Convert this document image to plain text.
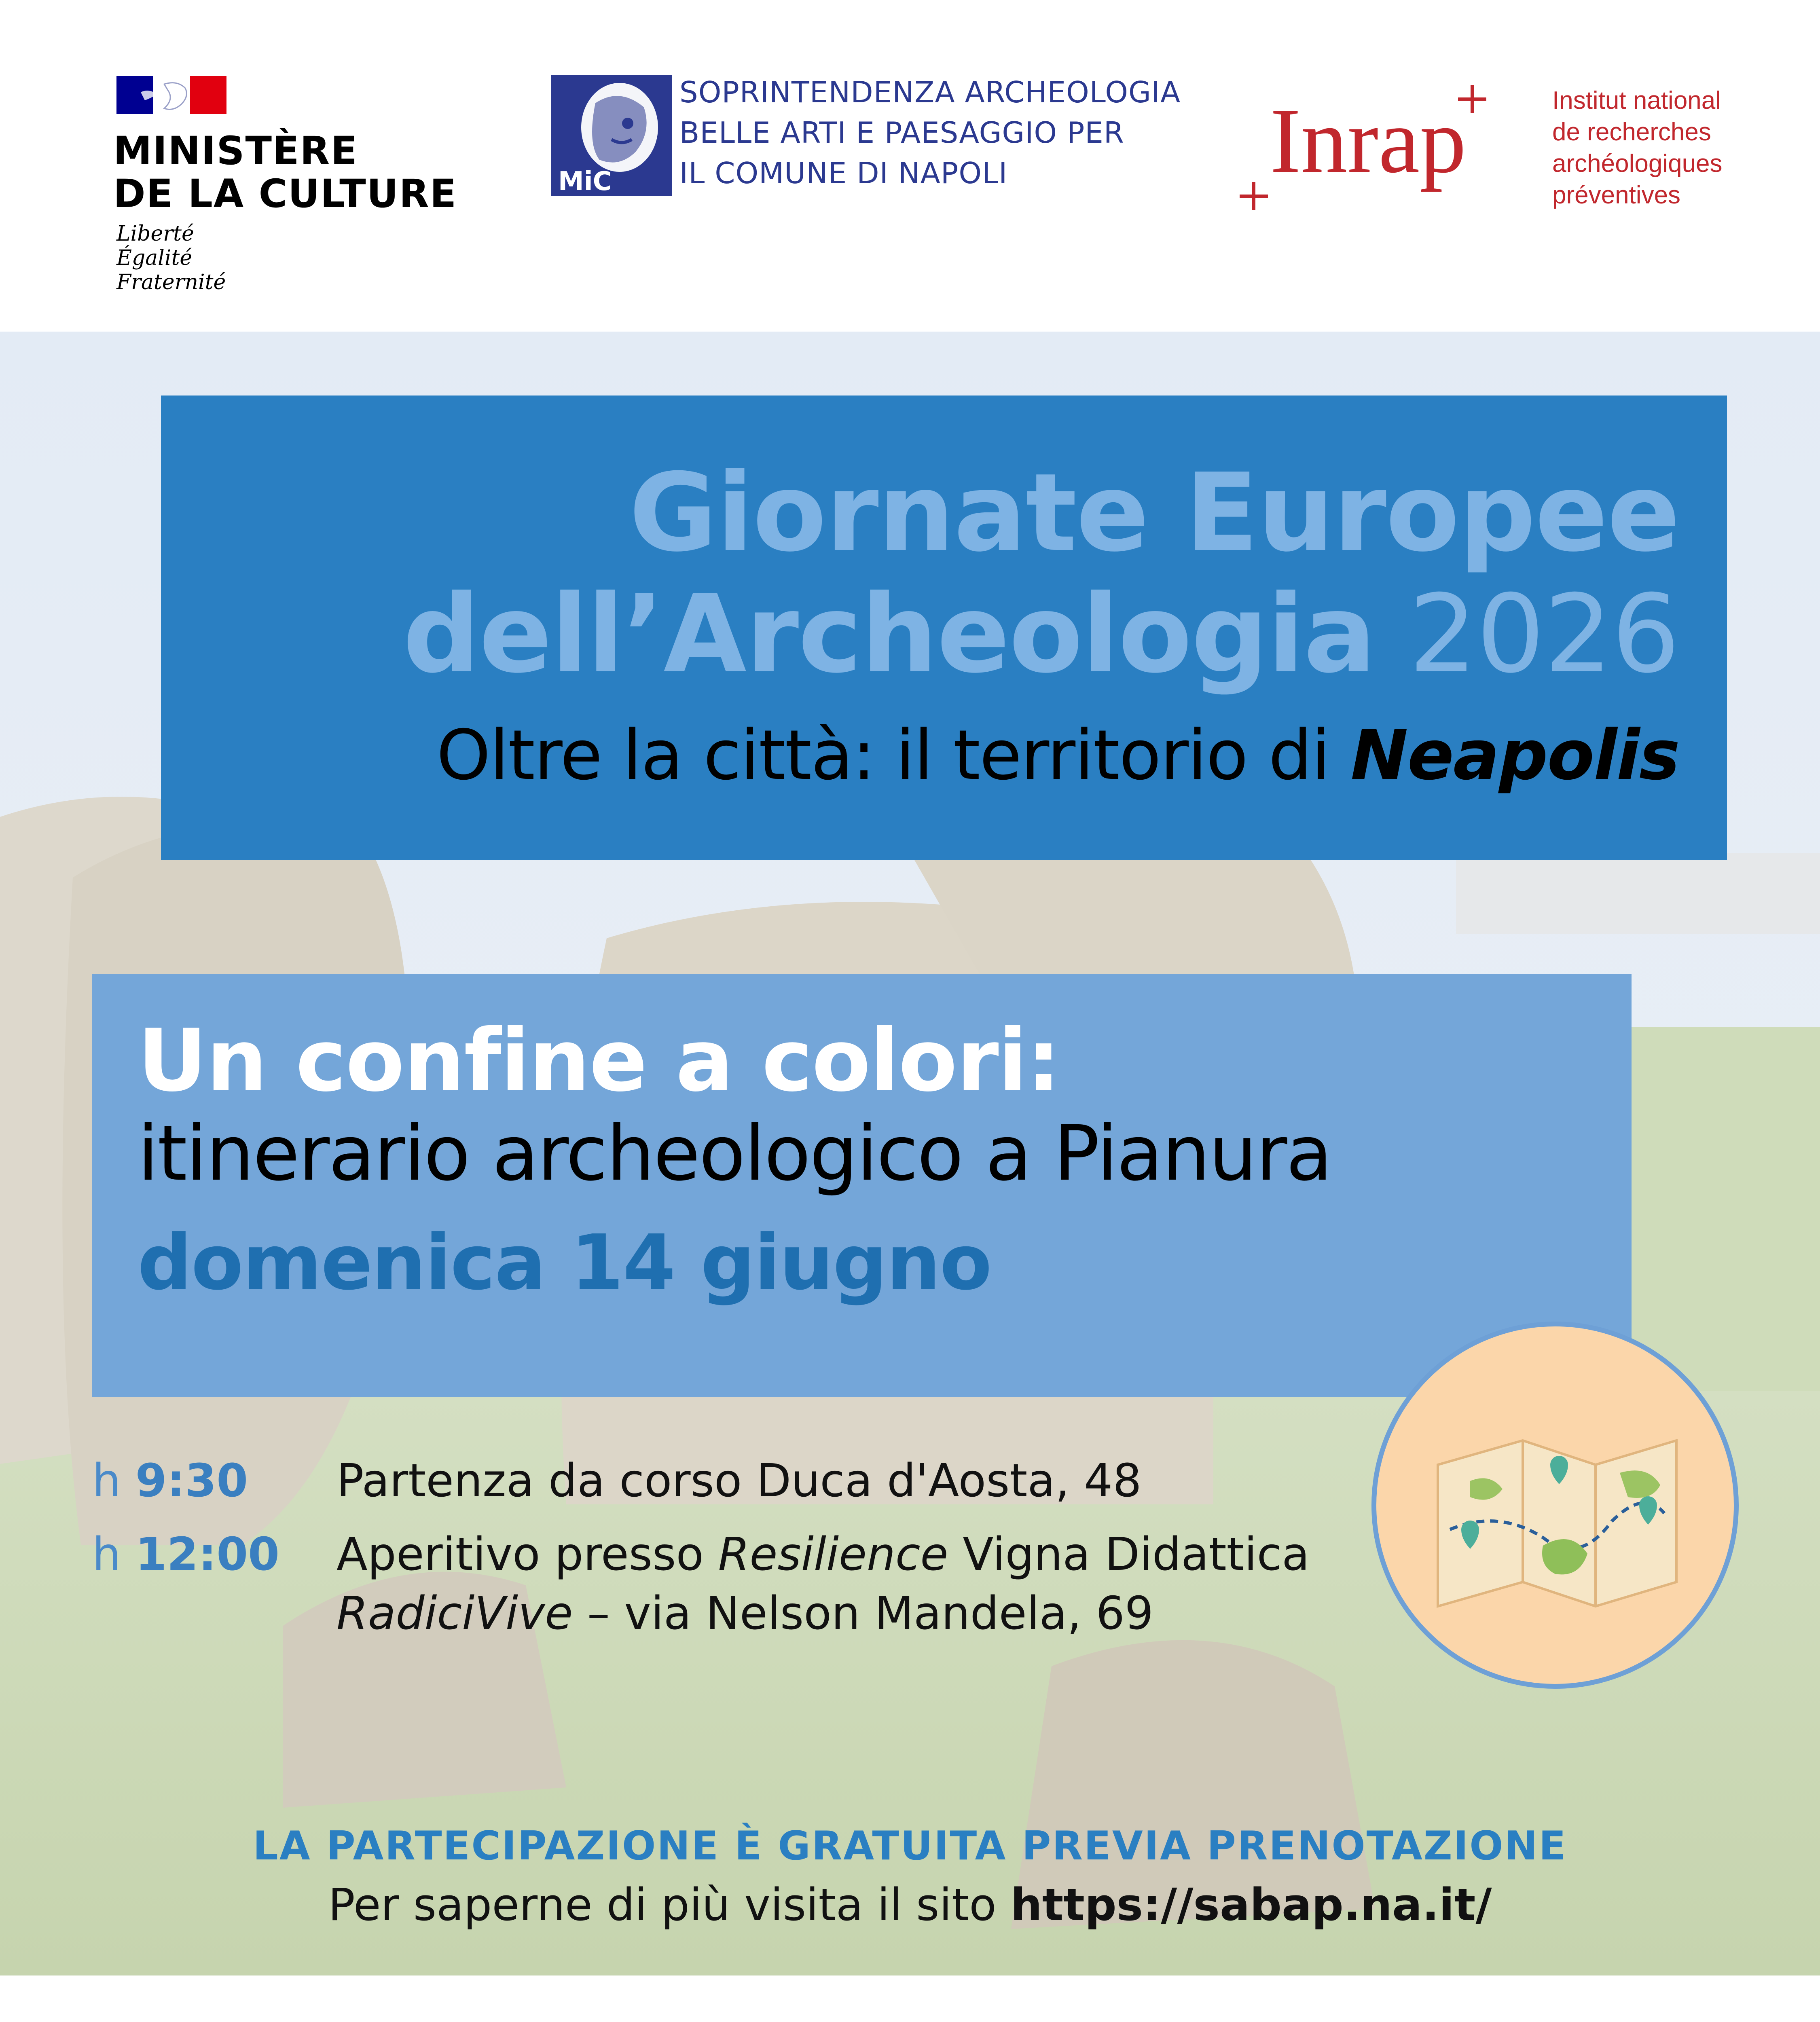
MINISTÈRE
DE LA CULTURE
Liberté
Égalité
Fraternité
MiC
SOPRINTENDENZA ARCHEOLOGIA
BELLE ARTI E PAESAGGIO PER
IL COMUNE DI NAPOLI	Inrap	Institut national
de recherches
archéologiques
préventives
Giornate Europee
dell’Archeologia 2026
Oltre la città: il territorio di Neapolis
Un confine a colori:
itinerario archeologico a Pianura
domenica 14 giugno
h 9:30 Partenza da corso Duca d'Aosta, 48
h 12:00 Aperitivo presso Resilience Vigna Didattica
RadiciVive – via Nelson Mandela, 69
LA PARTECIPAZIONE È GRATUITA PREVIA PRENOTAZIONE
Per saperne di più visita il sito https://sabap.na.it/
